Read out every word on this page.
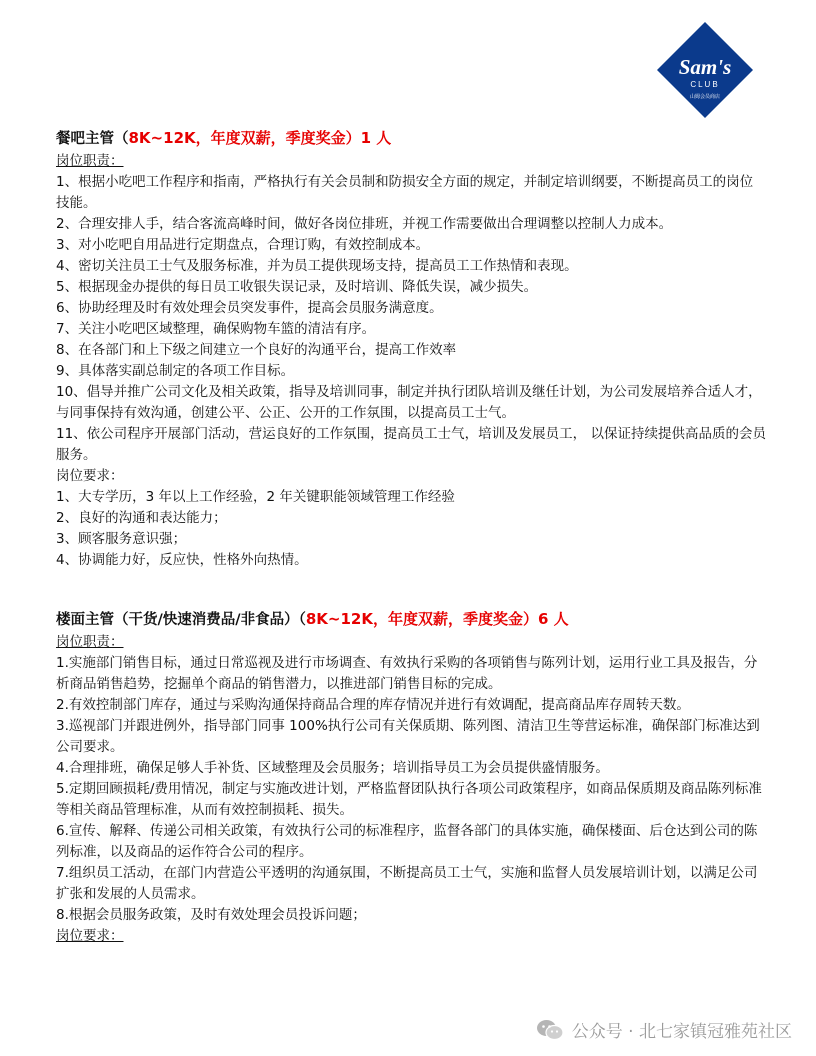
Sam's
CLUB
山姆会员商店

餐吧主管（8K~12K，年度双薪，季度奖金）1 人

岗位职责：

1、根据小吃吧工作程序和指南，严格执行有关会员制和防损安全方面的规定，并制定培训纲要，不断提高员工的岗位技能。

2、合理安排人手，结合客流高峰时间，做好各岗位排班，并视工作需要做出合理调整以控制人力成本。

3、对小吃吧自用品进行定期盘点，合理订购，有效控制成本。

4、密切关注员工士气及服务标准，并为员工提供现场支持，提高员工工作热情和表现。

5、根据现金办提供的每日员工收银失误记录，及时培训、降低失误，减少损失。

6、协助经理及时有效处理会员突发事件，提高会员服务满意度。

7、关注小吃吧区域整理，确保购物车篮的清洁有序。

8、在各部门和上下级之间建立一个良好的沟通平台，提高工作效率

9、具体落实副总制定的各项工作目标。

10、倡导并推广公司文化及相关政策，指导及培训同事，制定并执行团队培训及继任计划，为公司发展培养合适人才，与同事保持有效沟通，创建公平、公正、公开的工作氛围，以提高员工士气。

11、依公司程序开展部门活动，营运良好的工作氛围，提高员工士气，培训及发展员工， 以保证持续提供高品质的会员服务。

岗位要求：

1、大专学历，3 年以上工作经验，2 年关键职能领域管理工作经验

2、良好的沟通和表达能力；

3、顾客服务意识强；

4、协调能力好，反应快，性格外向热情。

楼面主管（干货/快速消费品/非食品）（8K~12K，年度双薪，季度奖金）6 人

岗位职责：

1.实施部门销售目标，通过日常巡视及进行市场调查、有效执行采购的各项销售与陈列计划，运用行业工具及报告，分析商品销售趋势，挖掘单个商品的销售潜力，以推进部门销售目标的完成。

2.有效控制部门库存，通过与采购沟通保持商品合理的库存情况并进行有效调配，提高商品库存周转天数。

3.巡视部门并跟进例外，指导部门同事 100%执行公司有关保质期、陈列图、清洁卫生等营运标准，确保部门标准达到公司要求。

4.合理排班，确保足够人手补货、区域整理及会员服务；培训指导员工为会员提供盛情服务。

5.定期回顾损耗/费用情况，制定与实施改进计划，严格监督团队执行各项公司政策程序，如商品保质期及商品陈列标准等相关商品管理标准，从而有效控制损耗、损失。

6.宣传、解释、传递公司相关政策，有效执行公司的标准程序，监督各部门的具体实施，确保楼面、后仓达到公司的陈列标准，以及商品的运作符合公司的程序。

7.组织员工活动，在部门内营造公平透明的沟通氛围，不断提高员工士气，实施和监督人员发展培训计划，以满足公司扩张和发展的人员需求。

8.根据会员服务政策，及时有效处理会员投诉问题；

岗位要求：

公众号 · 北七家镇冠雅苑社区
